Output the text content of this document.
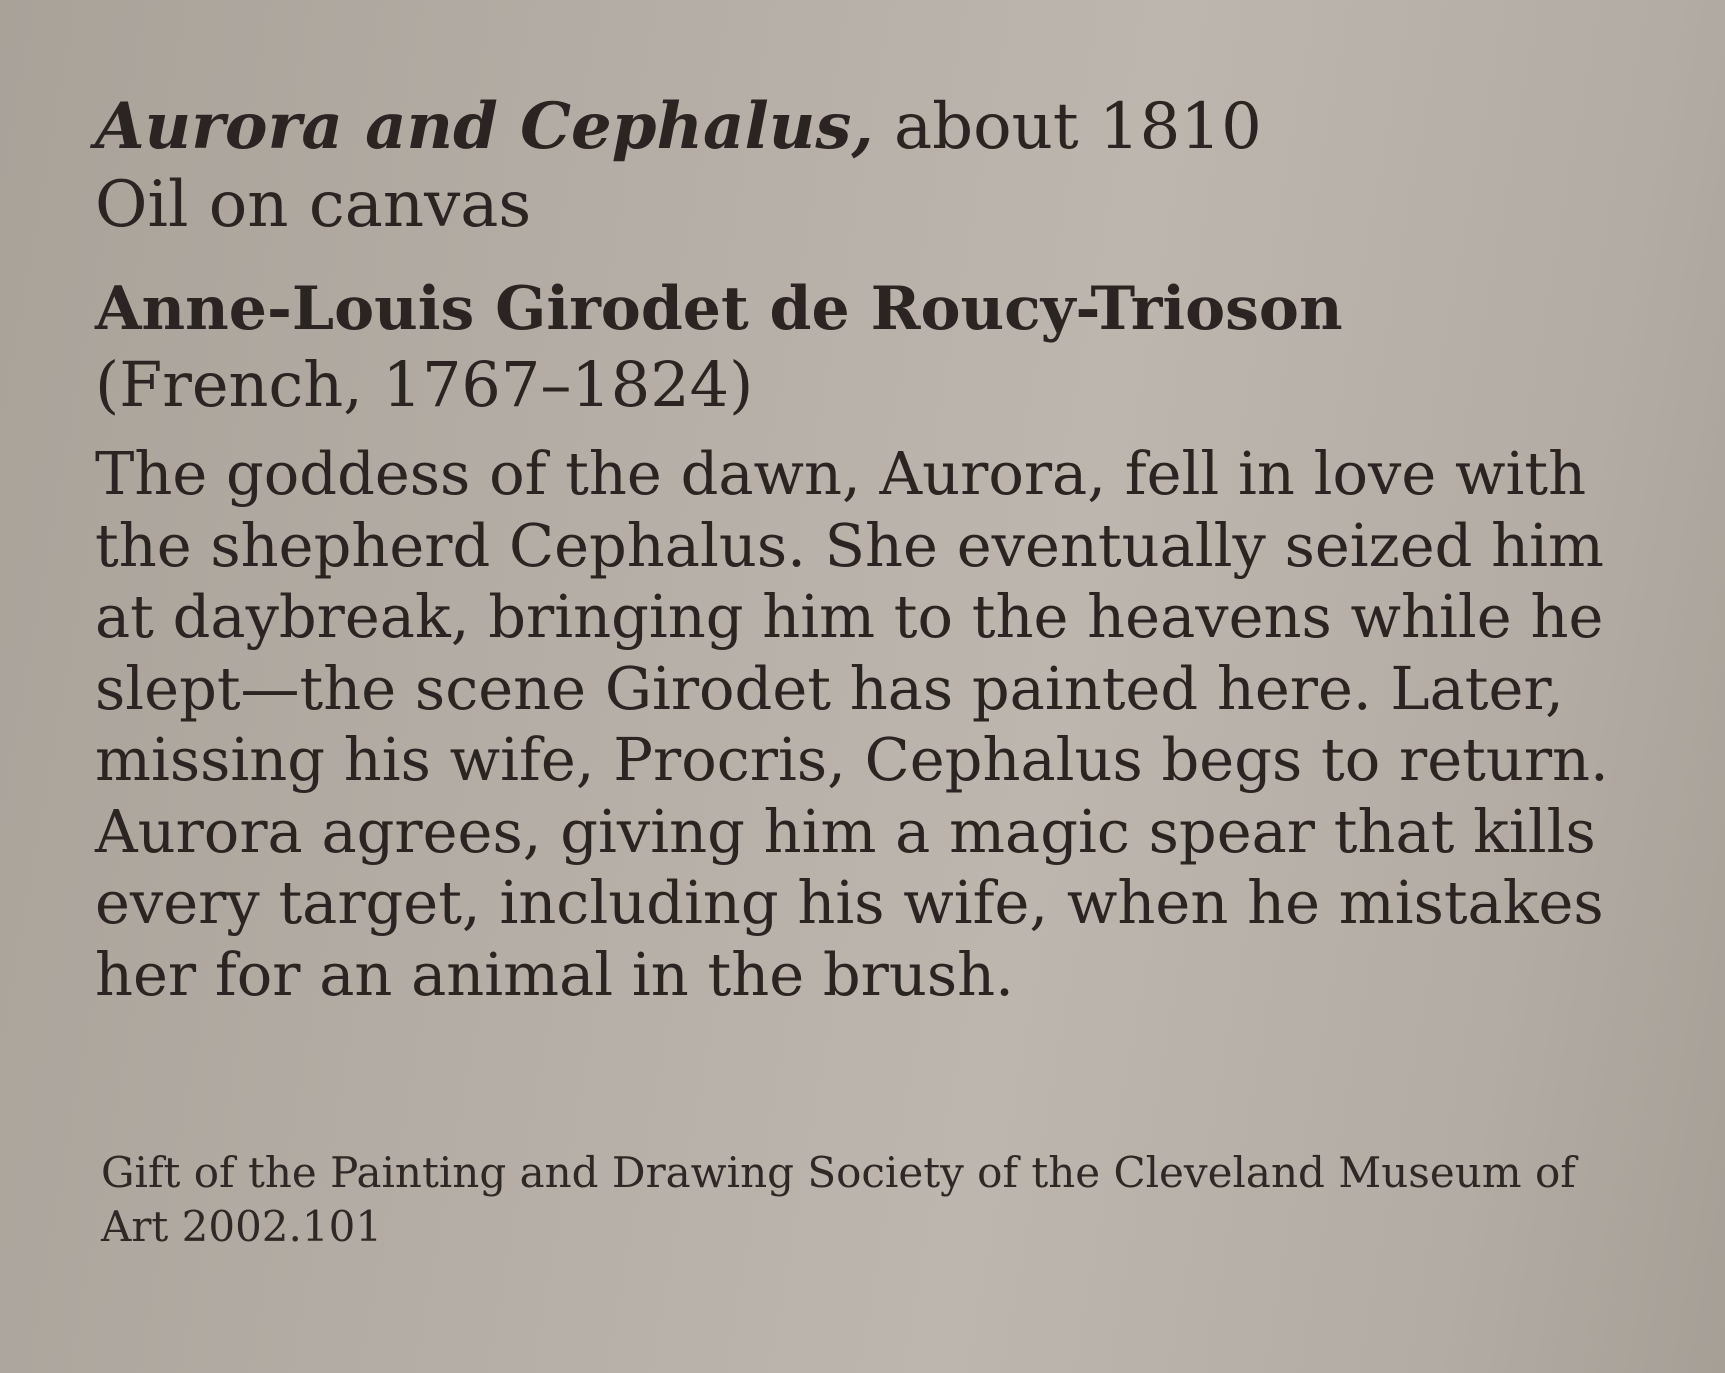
Aurora and Cephalus, about 1810

Oil on canvas

Anne-Louis Girodet de Roucy-Trioson

(French, 1767–1824)

The goddess of the dawn, Aurora, fell in love with
the shepherd Cephalus. She eventually seized him
at daybreak, bringing him to the heavens while he
slept—the scene Girodet has painted here. Later,
missing his wife, Procris, Cephalus begs to return.
Aurora agrees, giving him a magic spear that kills
every target, including his wife, when he mistakes
her for an animal in the brush.
Gift of the Painting and Drawing Society of the Cleveland Museum of
Art 2002.101
